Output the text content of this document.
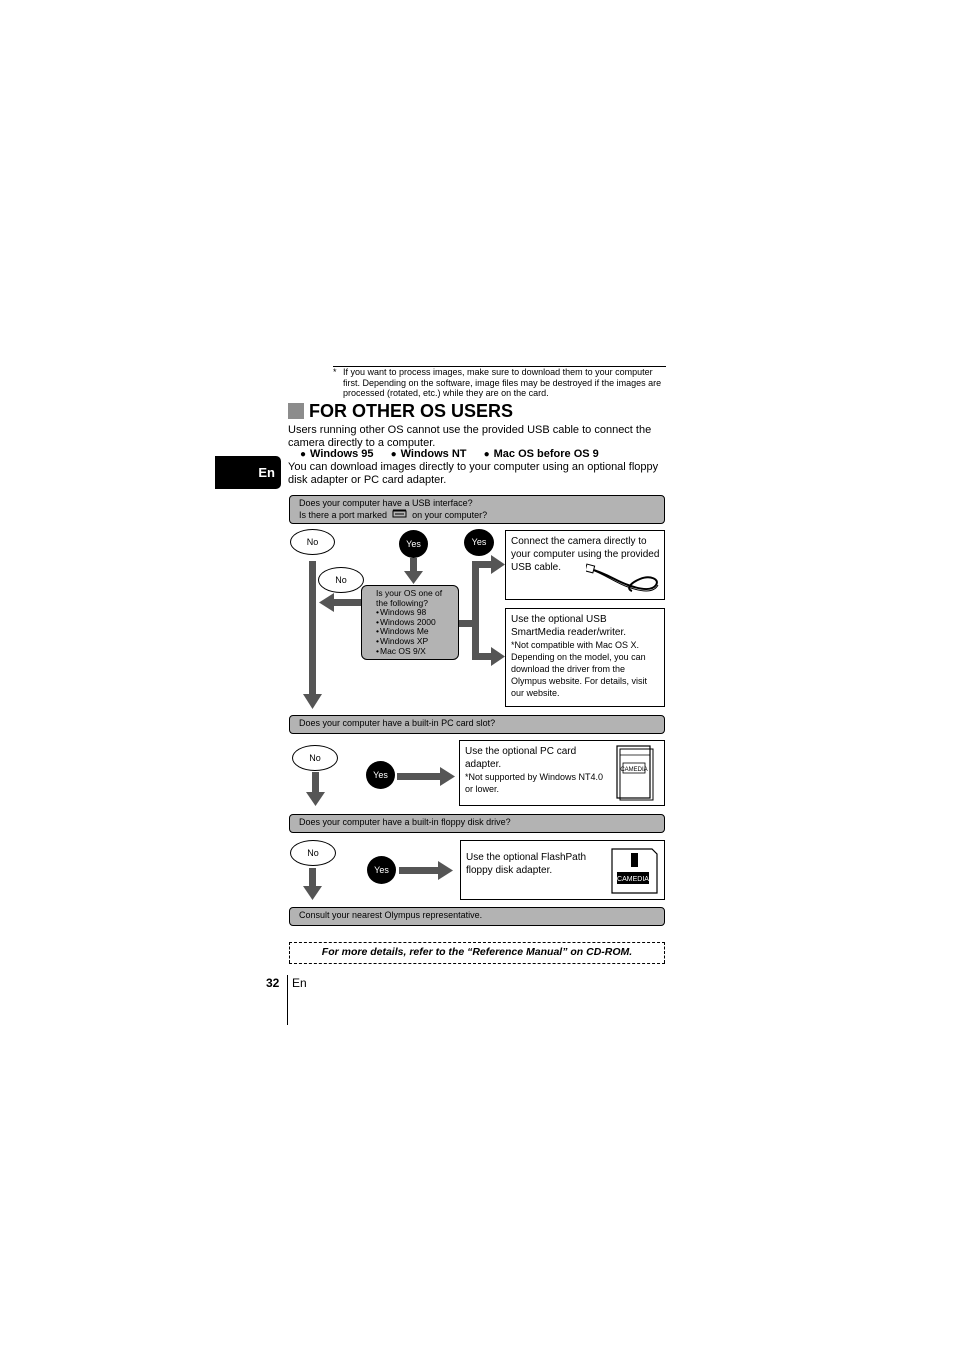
* If you want to process images, make sure to download them to your computer first. Depending on the software, image files may be destroyed if the images are processed (rotated, etc.) while they are on the card.
En
FOR OTHER OS USERS
Users running other OS cannot use the provided USB cable to connect the camera directly to a computer.
● Windows 95 ● Windows NT ● Mac OS before OS 9
You can download images directly to your computer using an optional floppy disk adapter or PC card adapter.
Does your computer have a USB interface?
Is there a port marked	on your computer?
No	Yes	Yes
No
Is your OS one of the following?
• Windows 98
• Windows 2000
• Windows Me
• Windows XP
• Mac OS 9/X
Connect the camera directly to your computer using the provided USB cable.
Use the optional USB SmartMedia reader/writer.
*Not compatible with Mac OS X. Depending on the model, you can download the driver from the Olympus website. For details, visit our website.
Does your computer have a built-in PC card slot?
No
Yes
Use the optional PC card adapter.
*Not supported by Windows NT4.0 or lower.
CAMEDIA
Does your computer have a built-in floppy disk drive?
No
Yes
Use the optional FlashPath floppy disk adapter.
CAMEDIA
Consult your nearest Olympus representative.
For more details, refer to the “Reference Manual” on CD-ROM.
32 En
